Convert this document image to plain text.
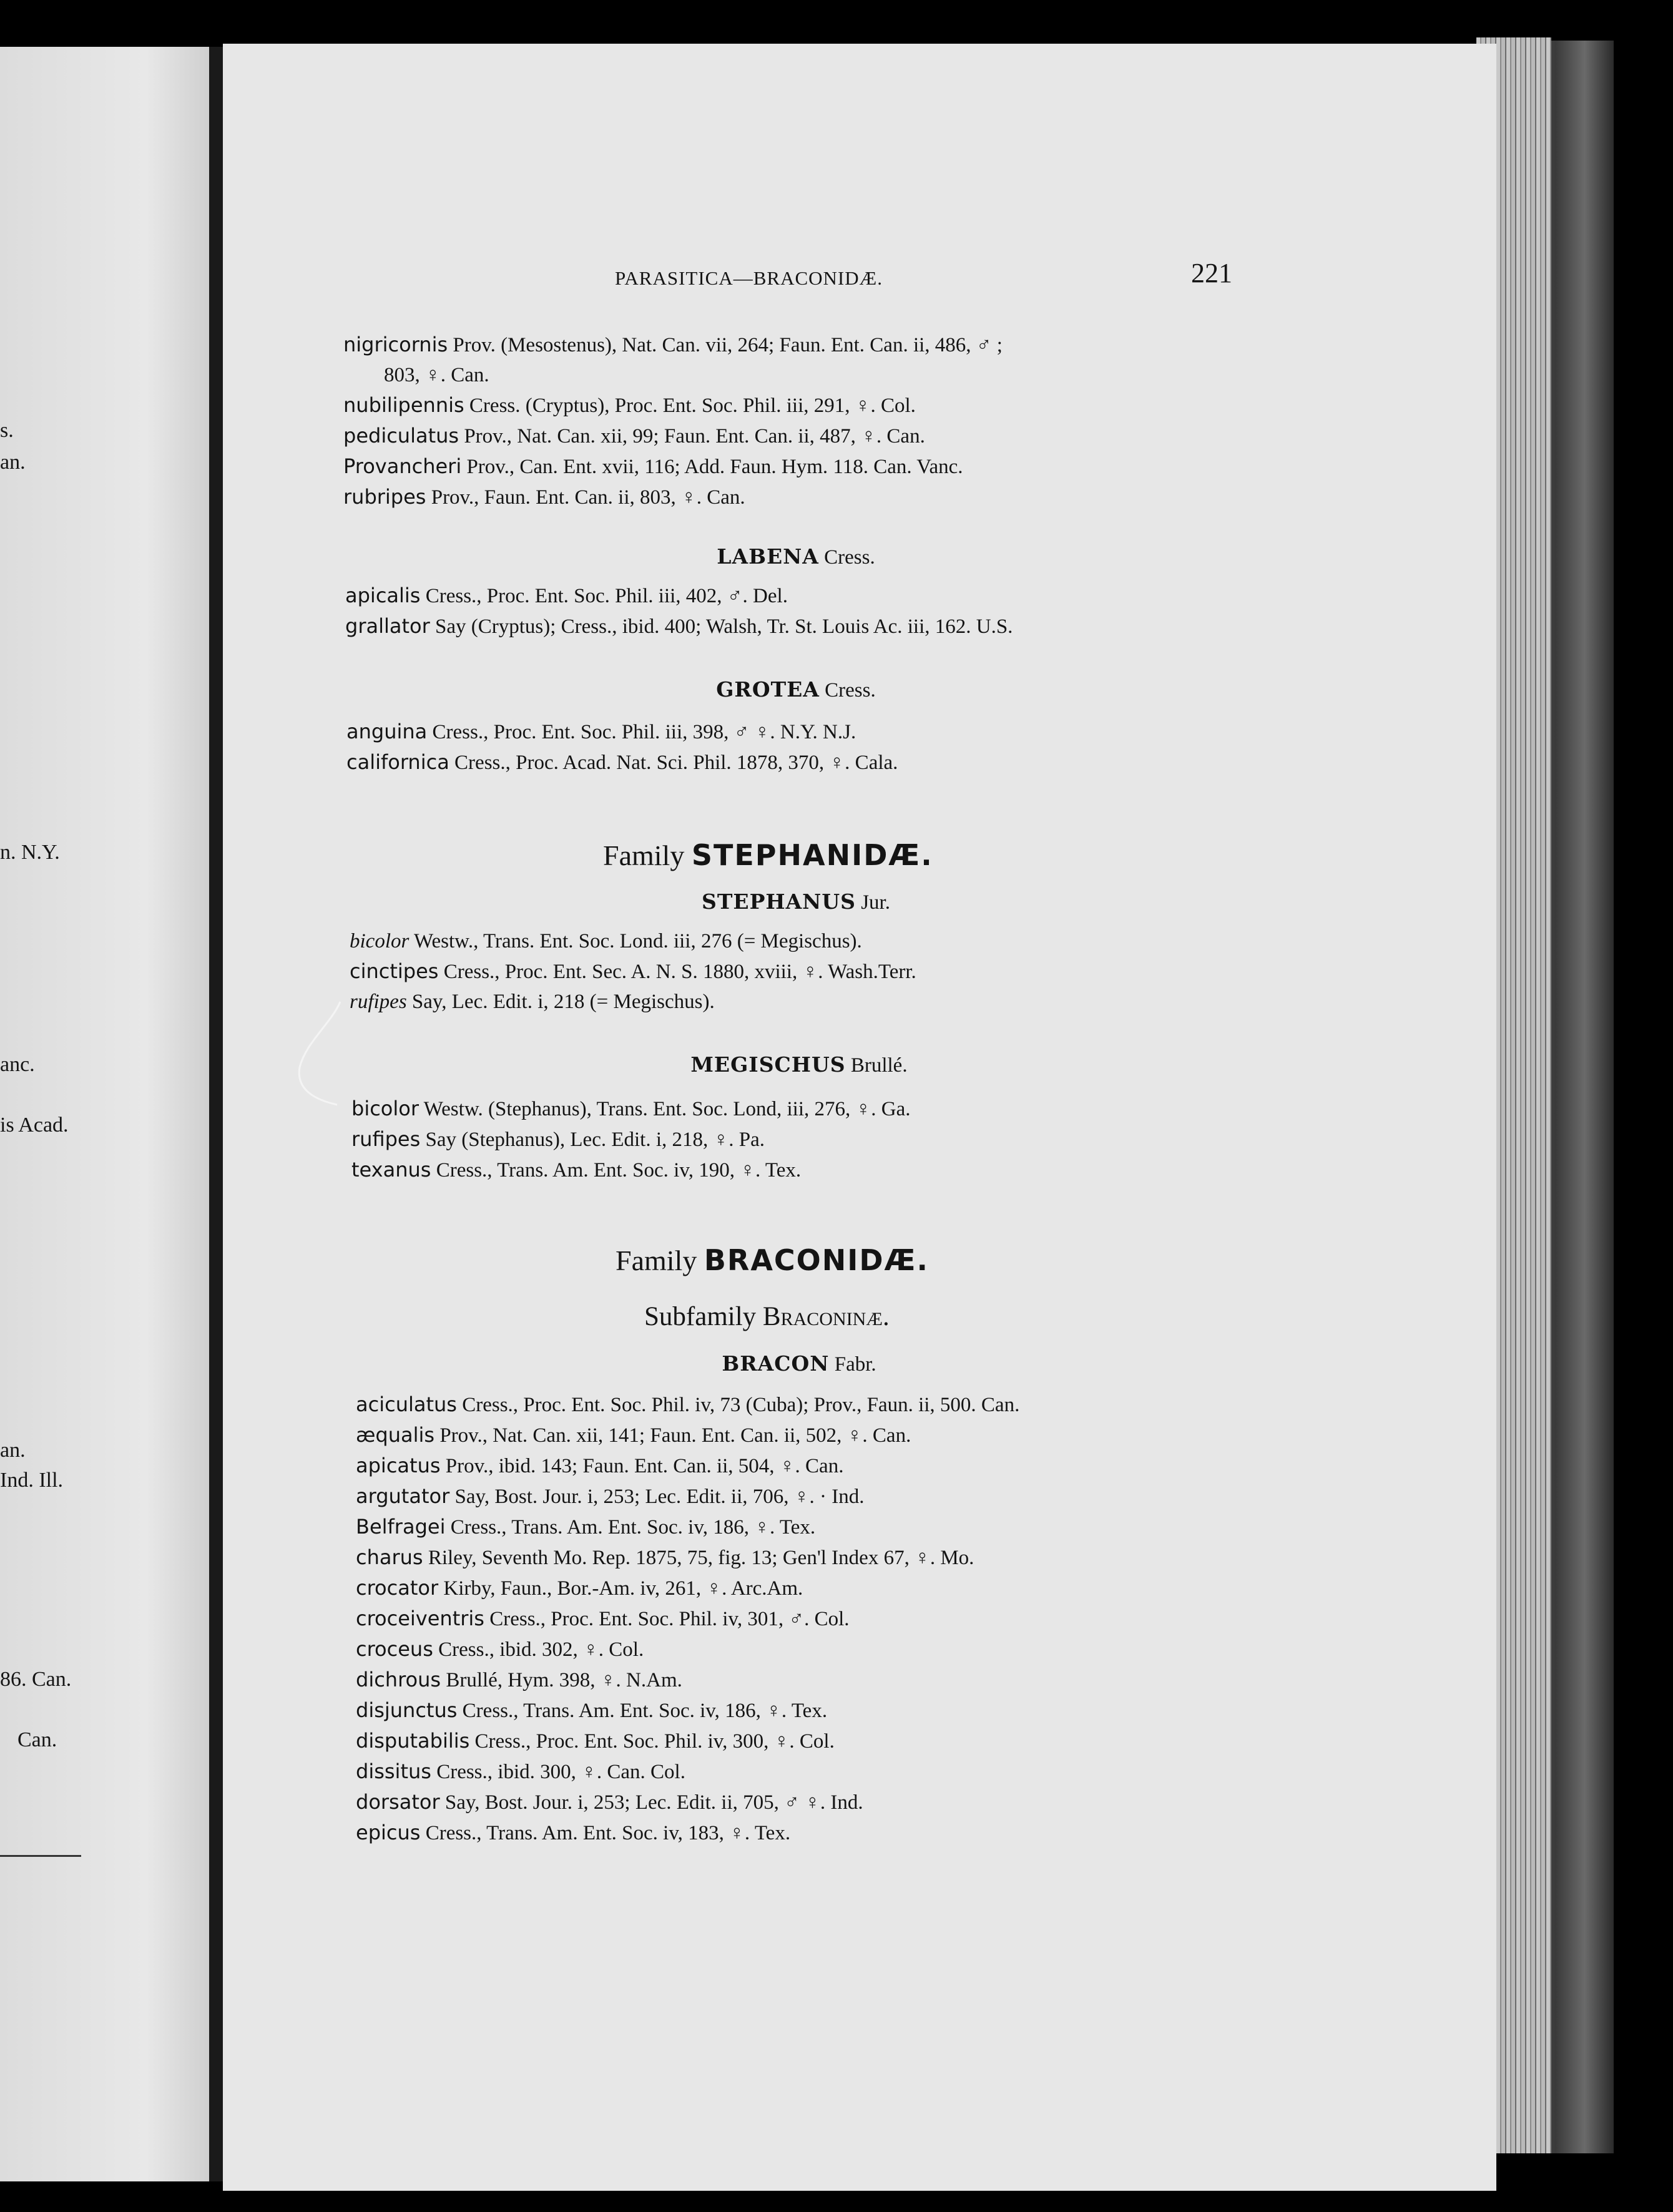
s.
an.
n. N.Y.
anc.
is Acad.
an.
Ind. Ill.
86. Can.
Can.
PARASITICA—BRACONIDÆ.	221
nigricornis Prov. (Mesostenus), Nat. Can. vii, 264; Faun. Ent. Can. ii, 486, ♂ ;
803, ♀. Can.
nubilipennis Cress. (Cryptus), Proc. Ent. Soc. Phil. iii, 291, ♀. Col.
pediculatus Prov., Nat. Can. xii, 99; Faun. Ent. Can. ii, 487, ♀. Can.
Provancheri Prov., Can. Ent. xvii, 116; Add. Faun. Hym. 118. Can. Vanc.
rubripes Prov., Faun. Ent. Can. ii, 803, ♀. Can.
LABENA Cress.
apicalis Cress., Proc. Ent. Soc. Phil. iii, 402, ♂. Del.
grallator Say (Cryptus); Cress., ibid. 400; Walsh, Tr. St. Louis Ac. iii, 162. U.S.
GROTEA Cress.
anguina Cress., Proc. Ent. Soc. Phil. iii, 398, ♂ ♀. N.Y. N.J.
californica Cress., Proc. Acad. Nat. Sci. Phil. 1878, 370, ♀. Cala.
Family STEPHANIDÆ.
STEPHANUS Jur.
bicolor Westw., Trans. Ent. Soc. Lond. iii, 276 (= Megischus).
cinctipes Cress., Proc. Ent. Sec. A. N. S. 1880, xviii, ♀. Wash.Terr.
rufipes Say, Lec. Edit. i, 218 (= Megischus).
MEGISCHUS Brullé.
bicolor Westw. (Stephanus), Trans. Ent. Soc. Lond, iii, 276, ♀. Ga.
rufipes Say (Stephanus), Lec. Edit. i, 218, ♀. Pa.
texanus Cress., Trans. Am. Ent. Soc. iv, 190, ♀. Tex.
Family BRACONIDÆ.
Subfamily Braconinæ.
BRACON Fabr.
aciculatus Cress., Proc. Ent. Soc. Phil. iv, 73 (Cuba); Prov., Faun. ii, 500. Can.
æqualis Prov., Nat. Can. xii, 141; Faun. Ent. Can. ii, 502, ♀. Can.
apicatus Prov., ibid. 143; Faun. Ent. Can. ii, 504, ♀. Can.
argutator Say, Bost. Jour. i, 253; Lec. Edit. ii, 706, ♀. · Ind.
Belfragei Cress., Trans. Am. Ent. Soc. iv, 186, ♀. Tex.
charus Riley, Seventh Mo. Rep. 1875, 75, fig. 13; Gen'l Index 67, ♀. Mo.
crocator Kirby, Faun., Bor.-Am. iv, 261, ♀. Arc.Am.
croceiventris Cress., Proc. Ent. Soc. Phil. iv, 301, ♂. Col.
croceus Cress., ibid. 302, ♀. Col.
dichrous Brullé, Hym. 398, ♀. N.Am.
disjunctus Cress., Trans. Am. Ent. Soc. iv, 186, ♀. Tex.
disputabilis Cress., Proc. Ent. Soc. Phil. iv, 300, ♀. Col.
dissitus Cress., ibid. 300, ♀. Can. Col.
dorsator Say, Bost. Jour. i, 253; Lec. Edit. ii, 705, ♂ ♀. Ind.
epicus Cress., Trans. Am. Ent. Soc. iv, 183, ♀. Tex.
